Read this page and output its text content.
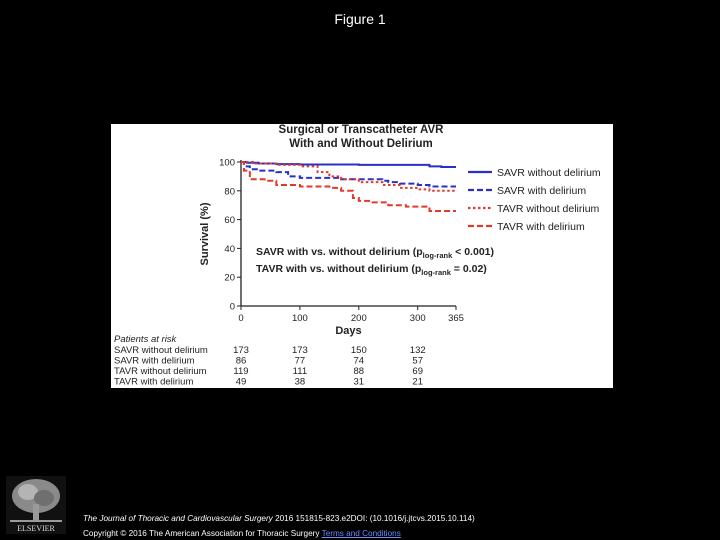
Figure 1
Surgical or Transcatheter AVR
With and Without Delirium
0
20
40
60
80
100
0	100	200	300 365
Days
Survival (%)
SAVR without delirium
SAVR with delirium
TAVR without delirium
TAVR with delirium
SAVR with vs. without delirium $(p_{log-rank} < 0.001)$
TAVR with vs. without delirium $(p_{log-rank} = 0.02)$
Patients at risk
SAVR without delirium	173	173	150	132
SAVR with delirium	86	77	74	57
TAVR without delirium	119	111	88	69
TAVR with delirium	49	38	31	21
ELSEVIER
The Journal of Thoracic and Cardiovascular Surgery 2016 151815-823.e2DOI: (10.1016/j.jtcvs.2015.10.114)
Copyright © 2016 The American Association for Thoracic Surgery Terms and Conditions
